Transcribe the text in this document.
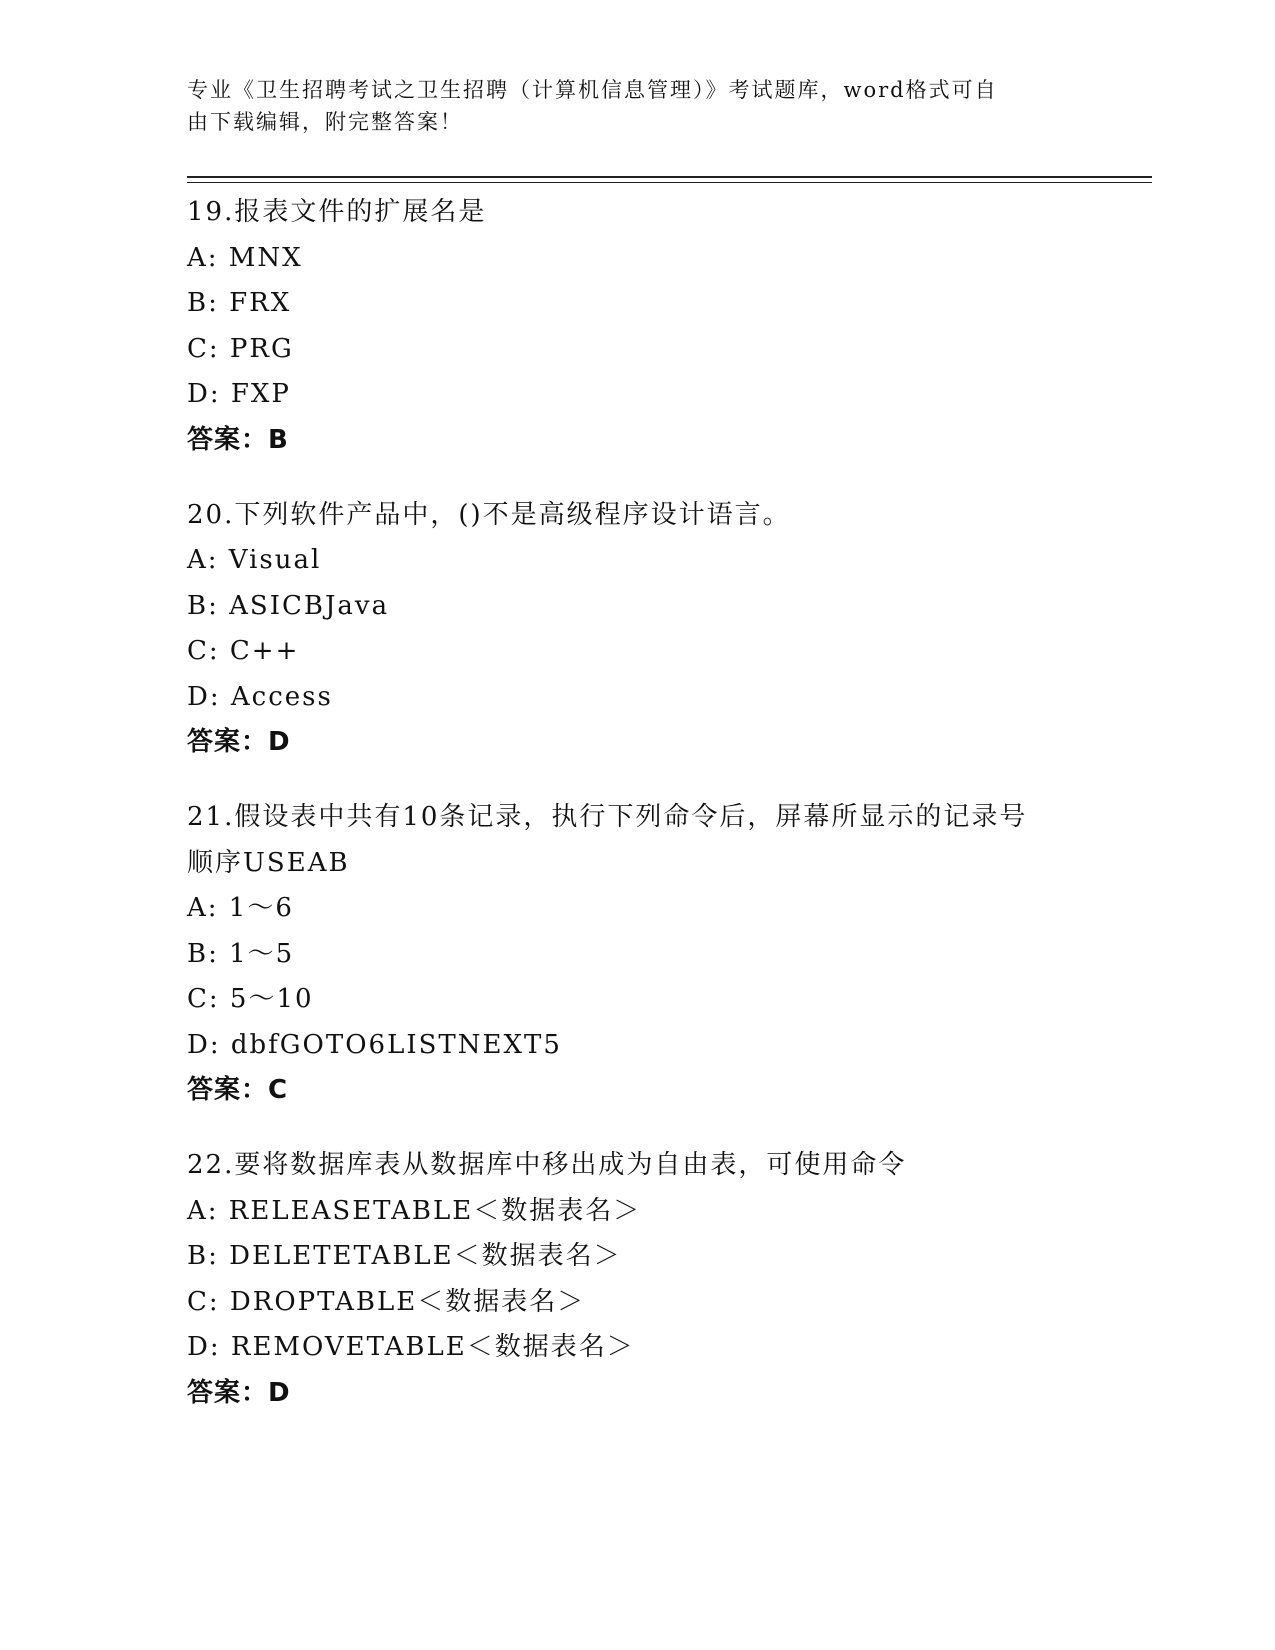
专业《卫生招聘考试之卫生招聘（计算机信息管理）》考试题库，word格式可自
由下载编辑，附完整答案！
19.报表文件的扩展名是
A: MNX
B: FRX
C: PRG
D: FXP
答案：B
20.下列软件产品中，()不是高级程序设计语言。
A: Visual
B: ASICBJava
C: C++
D: Access
答案：D
21.假设表中共有10条记录，执行下列命令后，屏幕所显示的记录号
顺序USEAB
A: 1～6
B: 1～5
C: 5～10
D: dbfGOTO6LISTNEXT5
答案：C
22.要将数据库表从数据库中移出成为自由表，可使用命令
A: RELEASETABLE＜数据表名＞
B: DELETETABLE＜数据表名＞
C: DROPTABLE＜数据表名＞
D: REMOVETABLE＜数据表名＞
答案：D
